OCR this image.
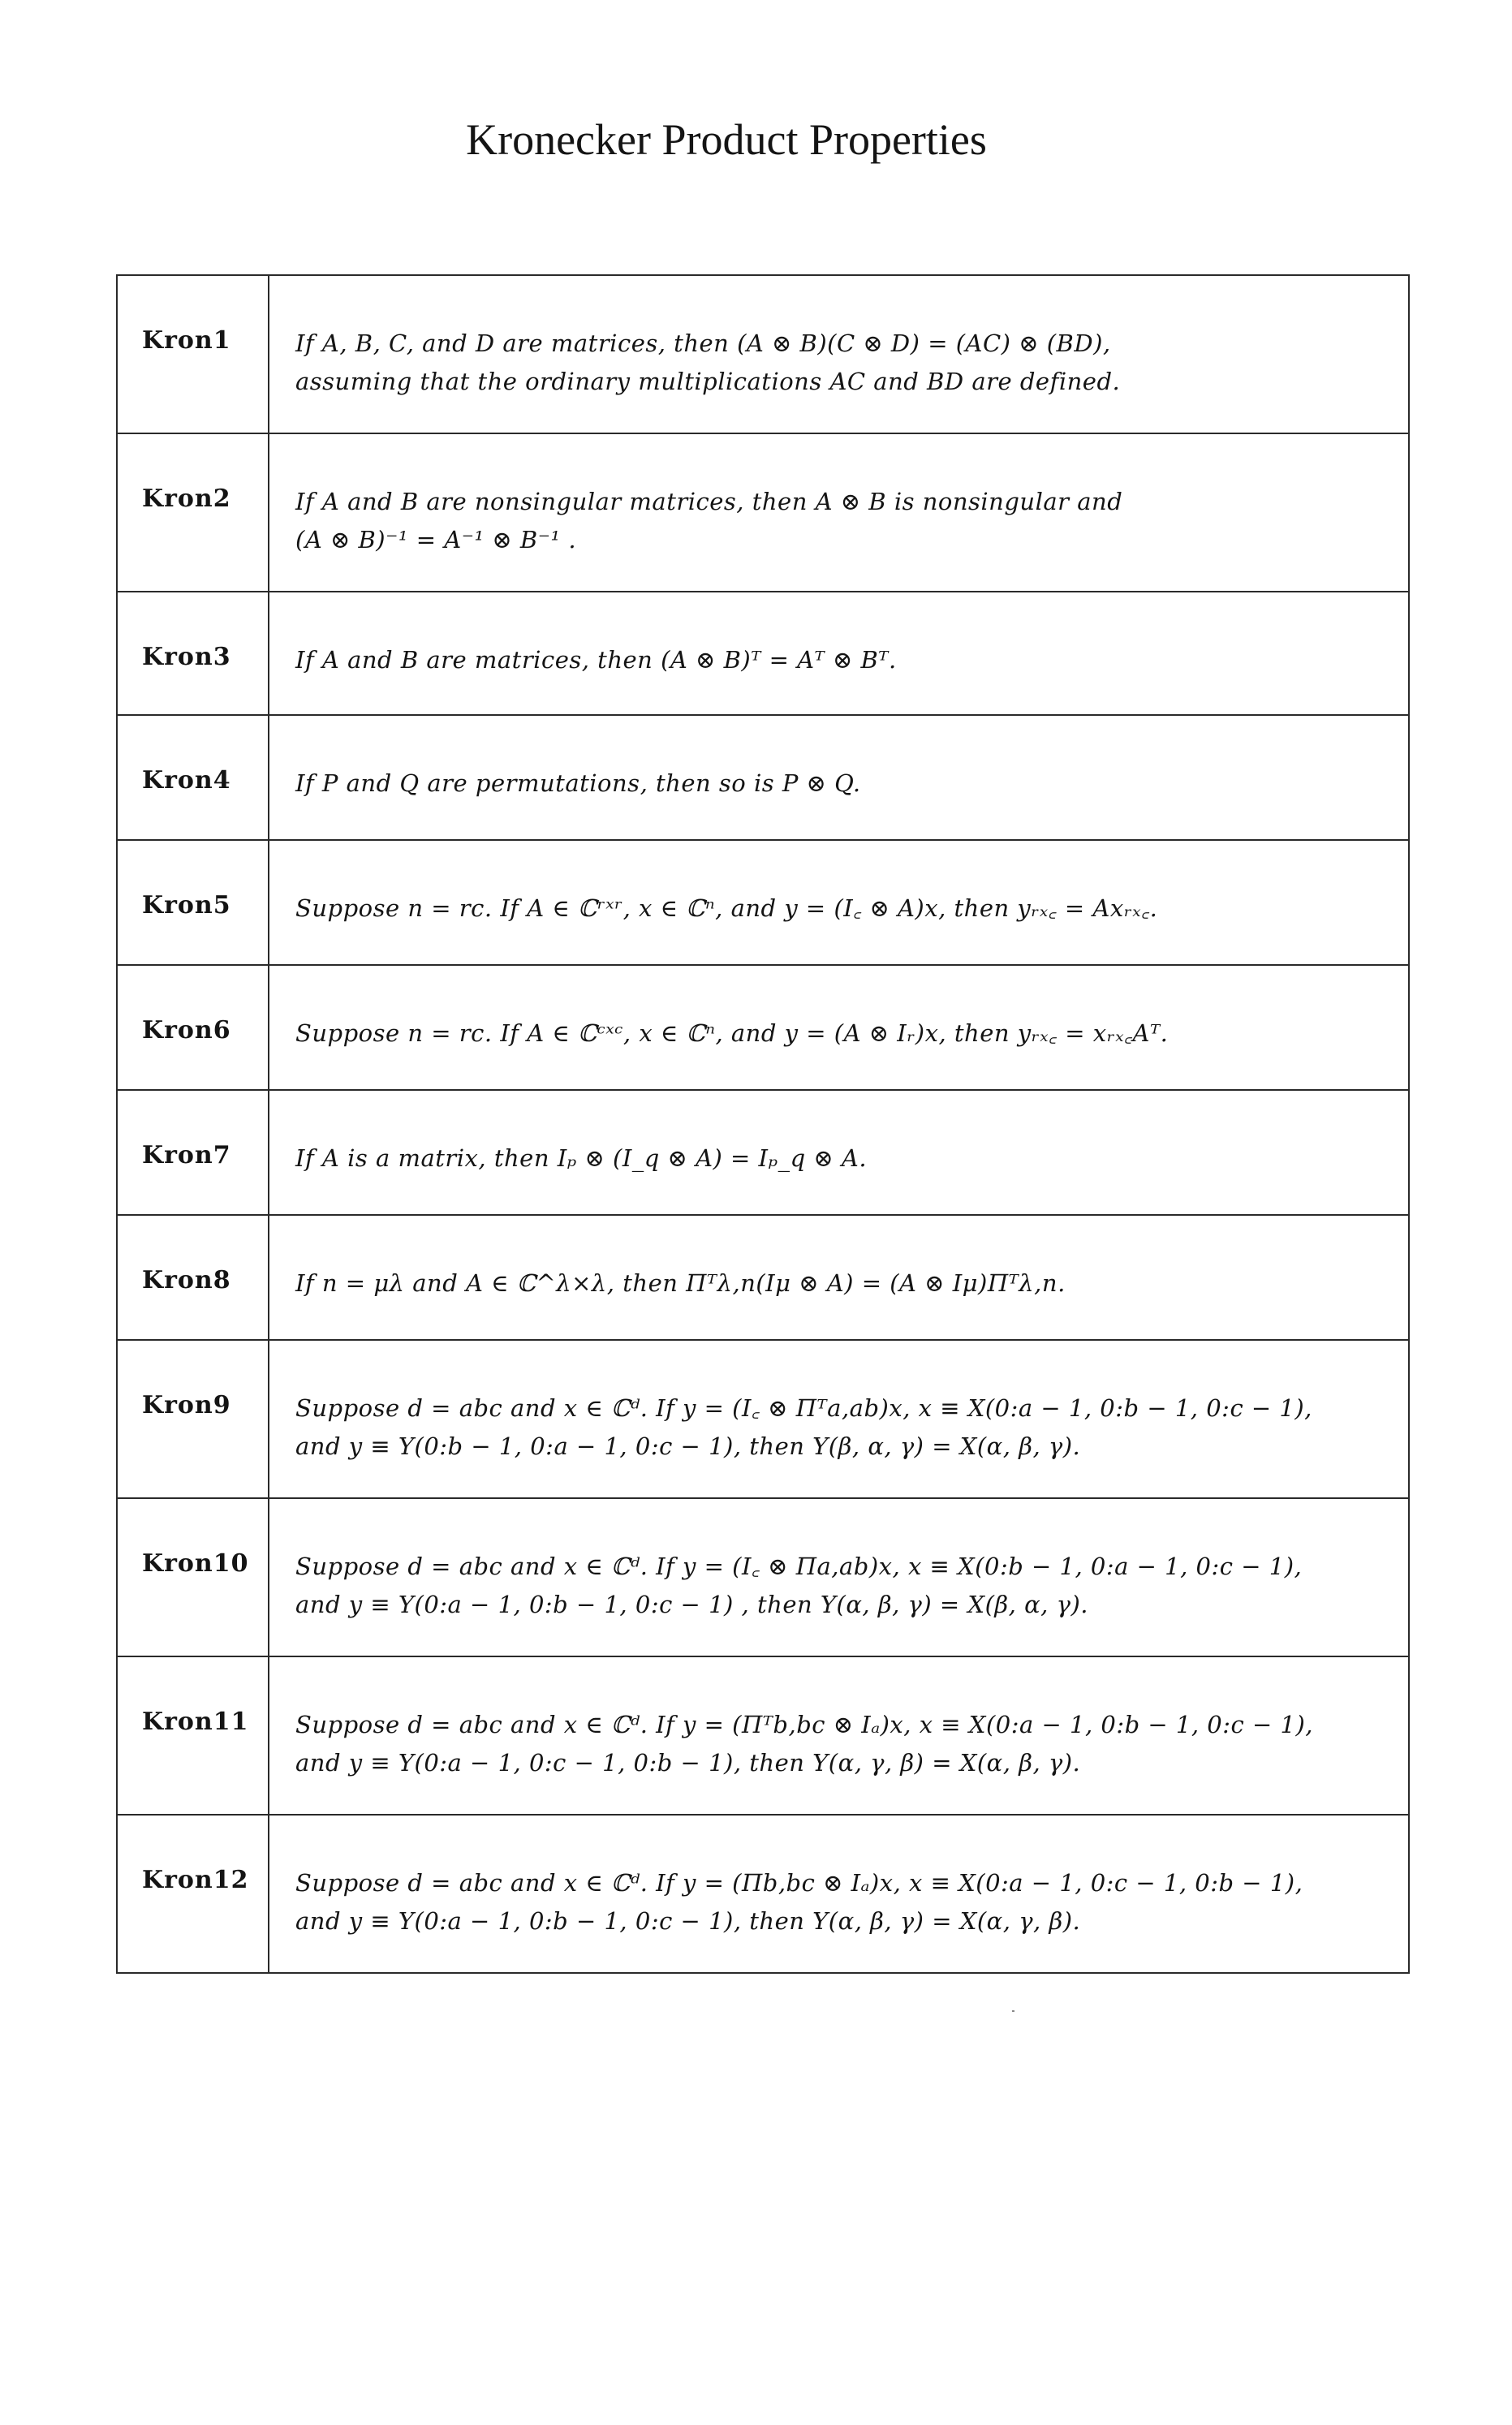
Kronecker Product Properties
Kron1	If A, B, C, and D are matrices, then (A ⊗ B)(C ⊗ D) = (AC) ⊗ (BD),
assuming that the ordinary multiplications AC and BD are defined.

Kron2	If A and B are nonsingular matrices, then A ⊗ B is nonsingular and
(A ⊗ B)⁻¹ = A⁻¹ ⊗ B⁻¹ .

Kron3	If A and B are matrices, then (A ⊗ B)ᵀ = Aᵀ ⊗ Bᵀ.

Kron4	If P and Q are permutations, then so is P ⊗ Q.

Kron5	Suppose n = rc. If A ∈ ℂʳˣʳ, x ∈ ℂⁿ, and y = (I꜀ ⊗ A)x, then yᵣₓ꜀ = Axᵣₓ꜀.

Kron6	Suppose n = rc. If A ∈ ℂᶜˣᶜ, x ∈ ℂⁿ, and y = (A ⊗ Iᵣ)x, then yᵣₓ꜀ = xᵣₓ꜀Aᵀ.

Kron7	If A is a matrix, then Iₚ ⊗ (I_q ⊗ A) = Iₚ_q ⊗ A.

Kron8	If n = μλ and A ∈ ℂ^λ×λ, then Πᵀλ,n(Iμ ⊗ A) = (A ⊗ Iμ)Πᵀλ,n.

Kron9	Suppose d = abc and x ∈ ℂᵈ. If y = (I꜀ ⊗ Πᵀa,ab)x, x ≡ X(0:a − 1, 0:b − 1, 0:c − 1),
and y ≡ Y(0:b − 1, 0:a − 1, 0:c − 1), then Y(β, α, γ) = X(α, β, γ).

Kron10	Suppose d = abc and x ∈ ℂᵈ. If y = (I꜀ ⊗ Πa,ab)x, x ≡ X(0:b − 1, 0:a − 1, 0:c − 1),
and y ≡ Y(0:a − 1, 0:b − 1, 0:c − 1) , then Y(α, β, γ) = X(β, α, γ).

Kron11	Suppose d = abc and x ∈ ℂᵈ. If y = (Πᵀb,bc ⊗ Iₐ)x, x ≡ X(0:a − 1, 0:b − 1, 0:c − 1),
and y ≡ Y(0:a − 1, 0:c − 1, 0:b − 1), then Y(α, γ, β) = X(α, β, γ).

Kron12	Suppose d = abc and x ∈ ℂᵈ. If y = (Πb,bc ⊗ Iₐ)x, x ≡ X(0:a − 1, 0:c − 1, 0:b − 1),
and y ≡ Y(0:a − 1, 0:b − 1, 0:c − 1), then Y(α, β, γ) = X(α, γ, β).
